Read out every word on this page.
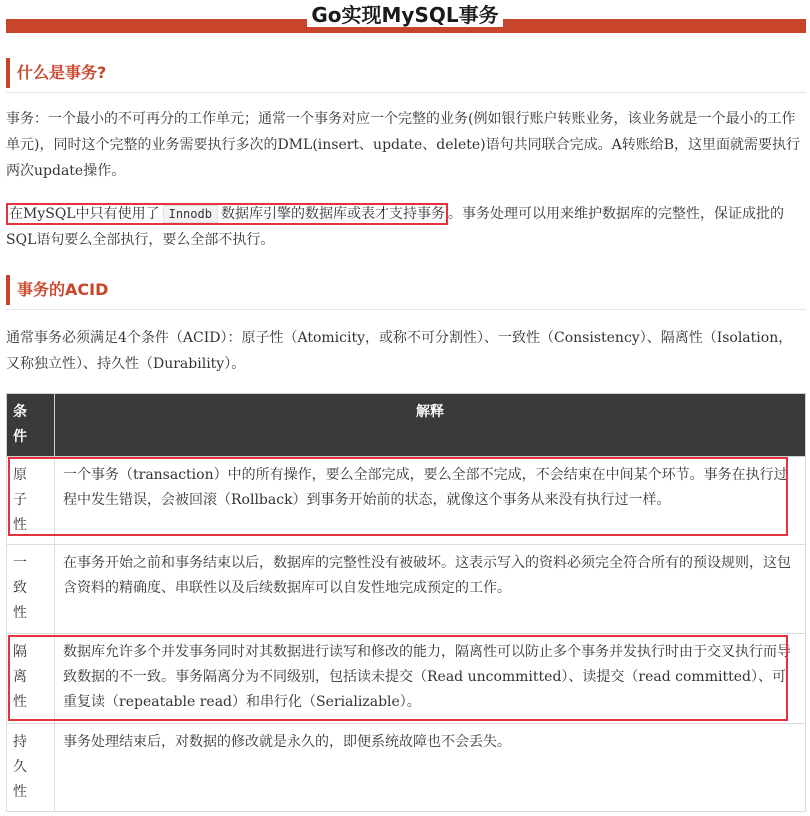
Go实现MySQL事务
什么是事务?

事务：一个最小的不可再分的工作单元；通常一个事务对应一个完整的业务(例如银行账户转账业务，该业务就是一个最小的工作单元)，同时这个完整的业务需要执行多次的DML(insert、update、delete)语句共同联合完成。A转账给B，这里面就需要执行两次update操作。

在MySQL中只有使用了 Innodb 数据库引擎的数据库或表才支持事务 。事务处理可以用来维护数据库的完整性，保证成批的SQL语句要么全部执行，要么全部不执行。

事务的ACID

通常事务必须满足4个条件（ACID）：原子性（Atomicity，或称不可分割性）、一致性（Consistency）、隔离性（Isolation，又称独立性）、持久性（Durability）。

条件	解释

原子性	一个事务（transaction）中的所有操作，要么全部完成，要么全部不完成，不会结束在中间某个环节。事务在执行过程中发生错误，会被回滚（Rollback）到事务开始前的状态，就像这个事务从来没有执行过一样。

一致性	在事务开始之前和事务结束以后，数据库的完整性没有被破坏。这表示写入的资料必须完全符合所有的预设规则，这包含资料的精确度、串联性以及后续数据库可以自发性地完成预定的工作。

隔离性	数据库允许多个并发事务同时对其数据进行读写和修改的能力，隔离性可以防止多个事务并发执行时由于交叉执行而导致数据的不一致。事务隔离分为不同级别，包括读未提交（Read uncommitted）、读提交（read committed）、可重复读（repeatable read）和串行化（Serializable）。

持久性	事务处理结束后，对数据的修改就是永久的，即便系统故障也不会丢失。
